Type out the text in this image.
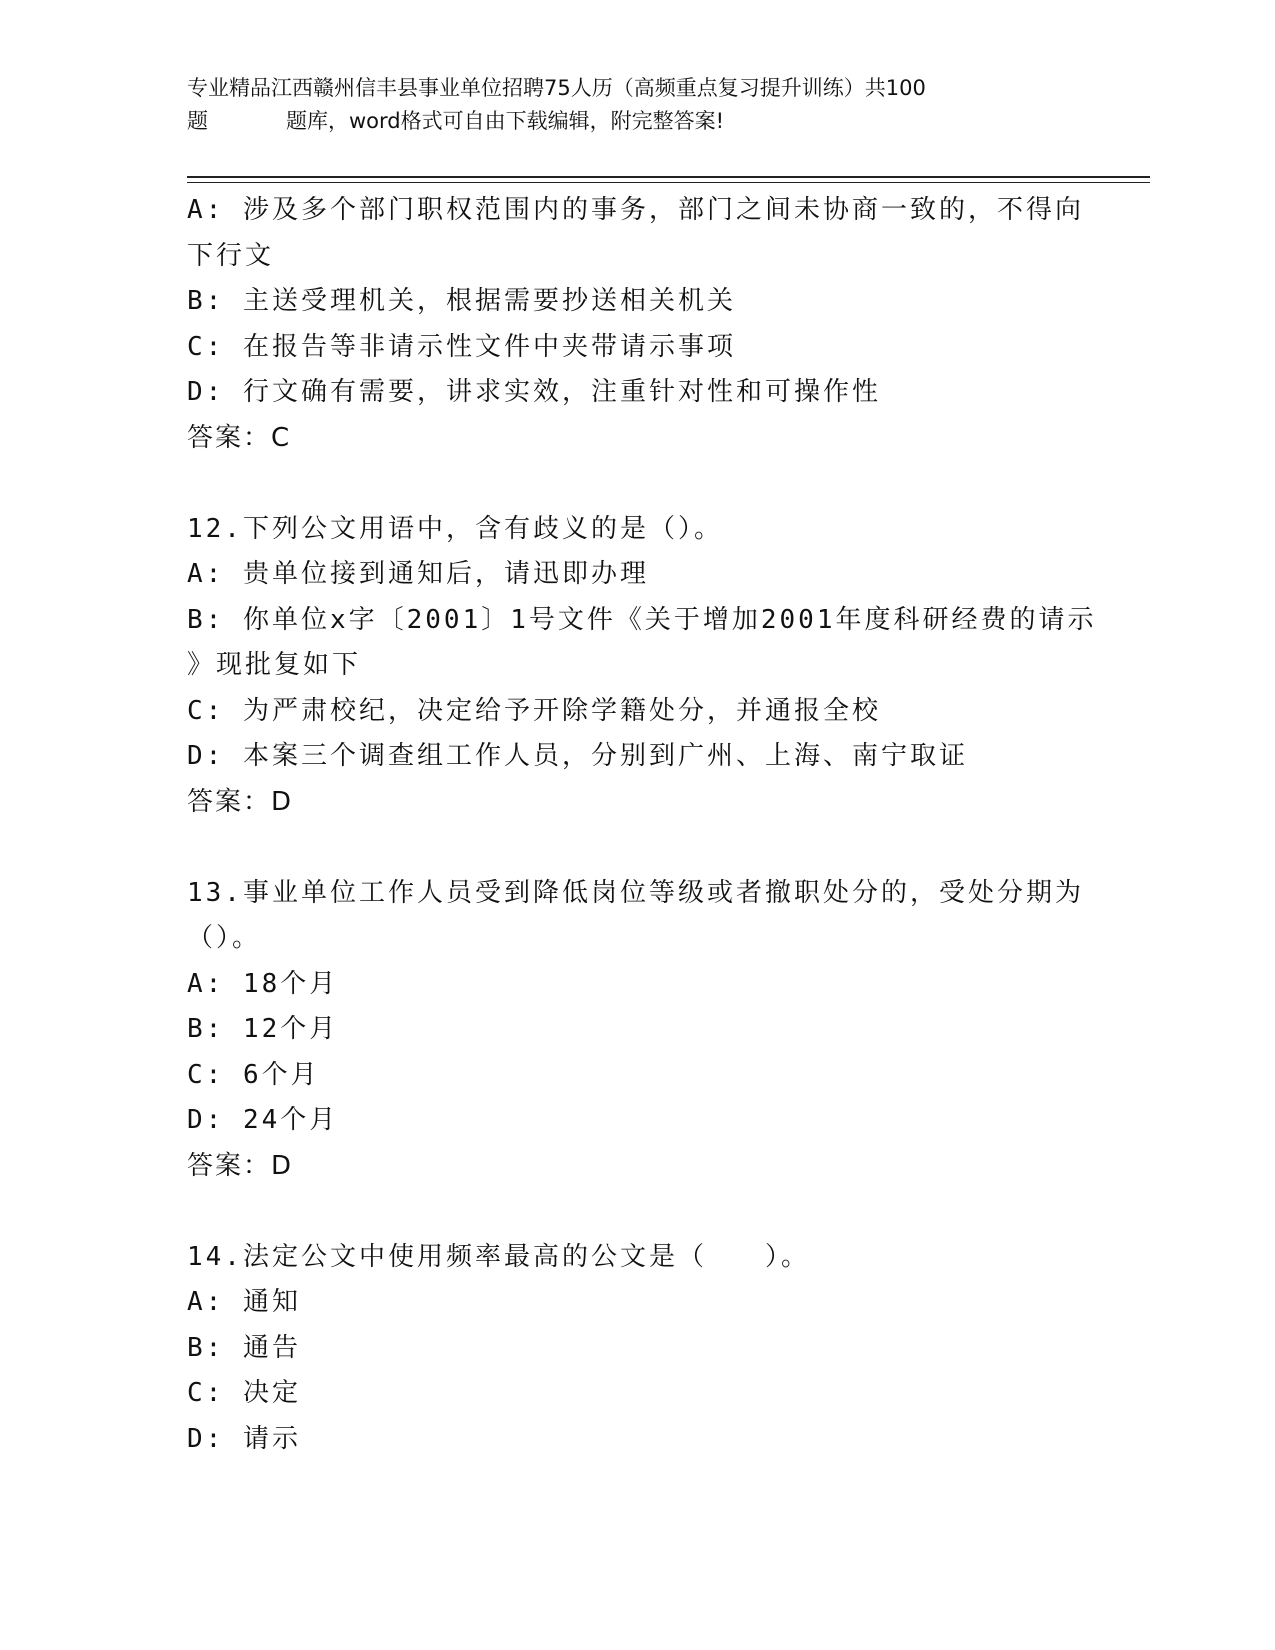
专业精品江西赣州信丰县事业单位招聘75人历（高频重点复习提升训练）共100
题	题库，word格式可自由下载编辑，附完整答案!
A: 涉及多个部门职权范围内的事务，部门之间未协商一致的，不得向
下行文
B: 主送受理机关，根据需要抄送相关机关
C: 在报告等非请示性文件中夹带请示事项
D: 行文确有需要，讲求实效，注重针对性和可操作性
答案：C
12.下列公文用语中，含有歧义的是（）。
A: 贵单位接到通知后，请迅即办理
B: 你单位x字〔2001〕1号文件《关于增加2001年度科研经费的请示
》现批复如下
C: 为严肃校纪，决定给予开除学籍处分，并通报全校
D: 本案三个调查组工作人员，分别到广州、上海、南宁取证
答案：D
13.事业单位工作人员受到降低岗位等级或者撤职处分的，受处分期为
（）。
A: 18个月
B: 12个月
C: 6个月
D: 24个月
答案：D
14.法定公文中使用频率最高的公文是（　　）。
A: 通知
B: 通告
C: 决定
D: 请示
